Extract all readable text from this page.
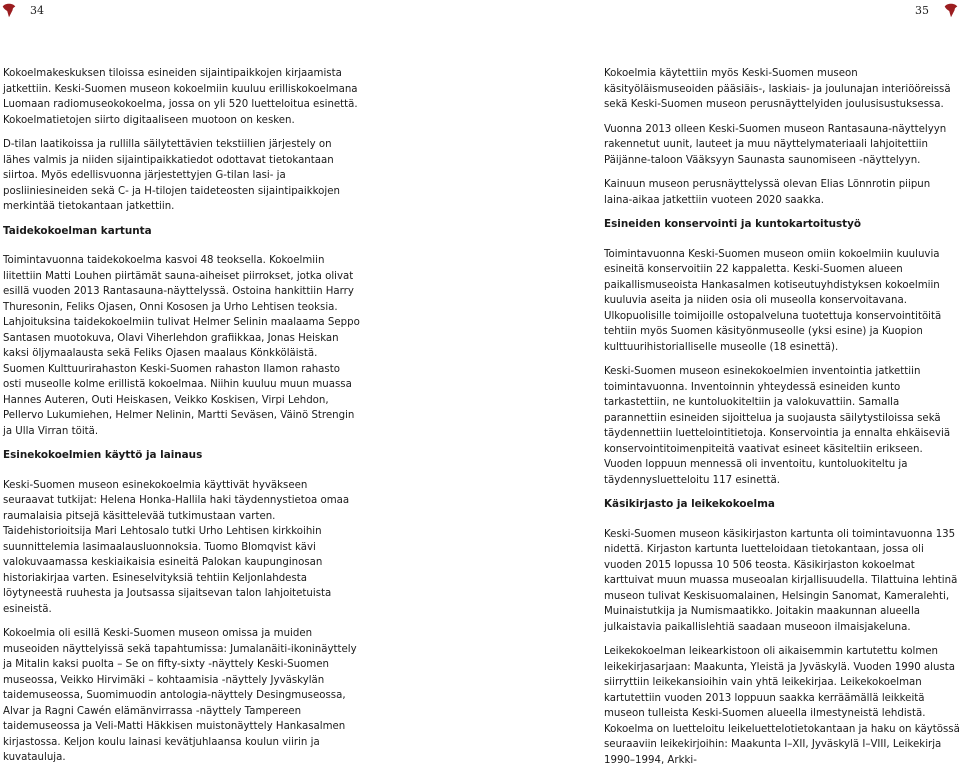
34	35

Kokoelmakeskuksen tiloissa esineiden sijaintipaikkojen kirjaamista jatkettiin. Keski-Suomen museon kokoelmiin kuuluu erilliskokoelmana Luomaan radiomuseokokoelma, jossa on yli 520 luetteloitua esinettä. Kokoelmatietojen siirto digitaaliseen muotoon on kesken.

D-tilan laatikoissa ja rullilla säilytettävien tekstiilien järjestely on lähes valmis ja niiden sijaintipaikkatiedot odottavat tietokantaan siirtoa. Myös edellisvuonna järjestettyjen G-tilan lasi- ja posliiniesineiden sekä C- ja H-tilojen taideteosten sijaintipaikkojen merkintää tietokantaan jatkettiin.

Taidekokoelman kartunta

Toimintavuonna taidekokoelma kasvoi 48 teoksella. Kokoelmiin liitettiin Matti Louhen piirtämät sauna-aiheiset piirrokset, jotka olivat esillä vuoden 2013 Rantasauna-näyttelyssä. Ostoina hankittiin Harry Thuresonin, Feliks Ojasen, Onni Kososen ja Urho Lehtisen teoksia. Lahjoituksina taidekokoelmiin tulivat Helmer Selinin maalaama Seppo Santasen muotokuva, Olavi Viherlehdon grafiikkaa, Jonas Heiskan kaksi öljymaalausta sekä Feliks Ojasen maalaus Könkköläistä. Suomen Kulttuurirahaston Keski-Suomen rahaston Ilamon rahasto osti museolle kolme erillistä kokoelmaa. Niihin kuuluu muun muassa Hannes Auteren, Outi Heiskasen, Veikko Koskisen, Virpi Lehdon, Pellervo Lukumiehen, Helmer Nelinin, Martti Seväsen, Väinö Strengin ja Ulla Virran töitä.

Esinekokoelmien käyttö ja lainaus

Keski-Suomen museon esinekokoelmia käyttivät hyväkseen seuraavat tutkijat: Helena Honka-Hallila haki täydennystietoa omaa raumalaisia pitsejä käsittelevää tutkimustaan varten. Taidehistorioitsija Mari Lehtosalo tutki Urho Lehtisen kirkkoihin suunnittelemia lasimaalausluonnoksia. Tuomo Blomqvist kävi valokuvaamassa keskiaikaisia esineitä Palokan kaupunginosan historiakirjaa varten. Esineselvityksiä tehtiin Keljonlahdesta löytyneestä ruuhesta ja Joutsassa sijaitsevan talon lahjoitetuista esineistä.

Kokoelmia oli esillä Keski-Suomen museon omissa ja muiden museoiden näyttelyissä sekä tapahtumissa: Jumalanäiti-ikoninäyttely ja Mitalin kaksi puolta – Se on fifty-sixty -näyttely Keski-Suomen museossa, Veikko Hirvimäki – kohtaamisia -näyttely Jyväskylän taidemuseossa, Suomimuodin antologia-näyttely Desingmuseossa, Alvar ja Ragni Cawén elämänvirrassa -näyttely Tampereen taidemuseossa ja Veli-Matti Häkkisen muistonäyttely Hankasalmen kirjastossa. Keljon koulu lainasi kevätjuhlaansa koulun viirin ja kuvatauluja.

Kokoelmia käytettiin myös Keski-Suomen museon käsityöläismuseoiden pääsiäis-, laskiais- ja joulunajan interiööreissä sekä Keski-Suomen museon perusnäyttelyiden joulusisustuksessa.

Vuonna 2013 olleen Keski-Suomen museon Rantasauna-näyttelyyn rakennetut uunit, lauteet ja muu näyttelymateriaali lahjoitettiin Päijänne-taloon Vääksyyn Saunasta saunomiseen -näyttelyyn.

Kainuun museon perusnäyttelyssä olevan Elias Lönnrotin piipun laina-aikaa jatkettiin vuoteen 2020 saakka.

Esineiden konservointi ja kuntokartoitustyö

Toimintavuonna Keski-Suomen museon omiin kokoelmiin kuuluvia esineitä konservoitiin 22 kappaletta. Keski-Suomen alueen paikallismuseoista Hankasalmen kotiseutuyhdistyksen kokoelmiin kuuluvia aseita ja niiden osia oli museolla konservoitavana. Ulkopuolisille toimijoille ostopalveluna tuotettuja konservointitöitä tehtiin myös Suomen käsityönmuseolle (yksi esine) ja Kuopion kulttuurihistorialliselle museolle (18 esinettä).

Keski-Suomen museon esinekokoelmien inventointia jatkettiin toimintavuonna. Inventoinnin yhteydessä esineiden kunto tarkastettiin, ne kuntoluokiteltiin ja valokuvattiin. Samalla parannettiin esineiden sijoittelua ja suojausta säilytystiloissa sekä täydennettiin luettelointitietoja. Konservointia ja ennalta ehkäiseviä konservointitoimenpiteitä vaativat esineet käsiteltiin erikseen. Vuoden loppuun mennessä oli inventoitu, kuntoluokiteltu ja täydennysluetteloitu 117 esinettä.

Käsikirjasto ja leikekokoelma

Keski-Suomen museon käsikirjaston kartunta oli toimintavuonna 135 nidettä. Kirjaston kartunta luetteloidaan tietokantaan, jossa oli vuoden 2015 lopussa 10 506 teosta. Käsikirjaston kokoelmat karttuivat muun muassa museoalan kirjallisuudella. Tilattuina lehtinä museon tulivat Keskisuomalainen, Helsingin Sanomat, Kameralehti, Muinaistutkija ja Numismaatikko. Joitakin maakunnan alueella julkaistavia paikallislehtiä saadaan museoon ilmaisjakeluna.

Leikekokoelman leikearkistoon oli aikaisemmin kartutettu kolmen leikekirjasarjaan: Maakunta, Yleistä ja Jyväskylä. Vuoden 1990 alusta siirryttiin leikekansioihin vain yhtä leikekirjaa. Leikekokoelman kartutettiin vuoden 2013 loppuun saakka kerräämällä leikkeitä museon tulleista Keski-Suomen alueella ilmestyneistä lehdistä. Kokoelma on luetteloitu leikeluettelotietokantaan ja haku on käytössä seuraaviin leikekirjoihin: Maakunta I–XII, Jyväskylä I–VIII, Leikekirja 1990–1994, Arkki-
